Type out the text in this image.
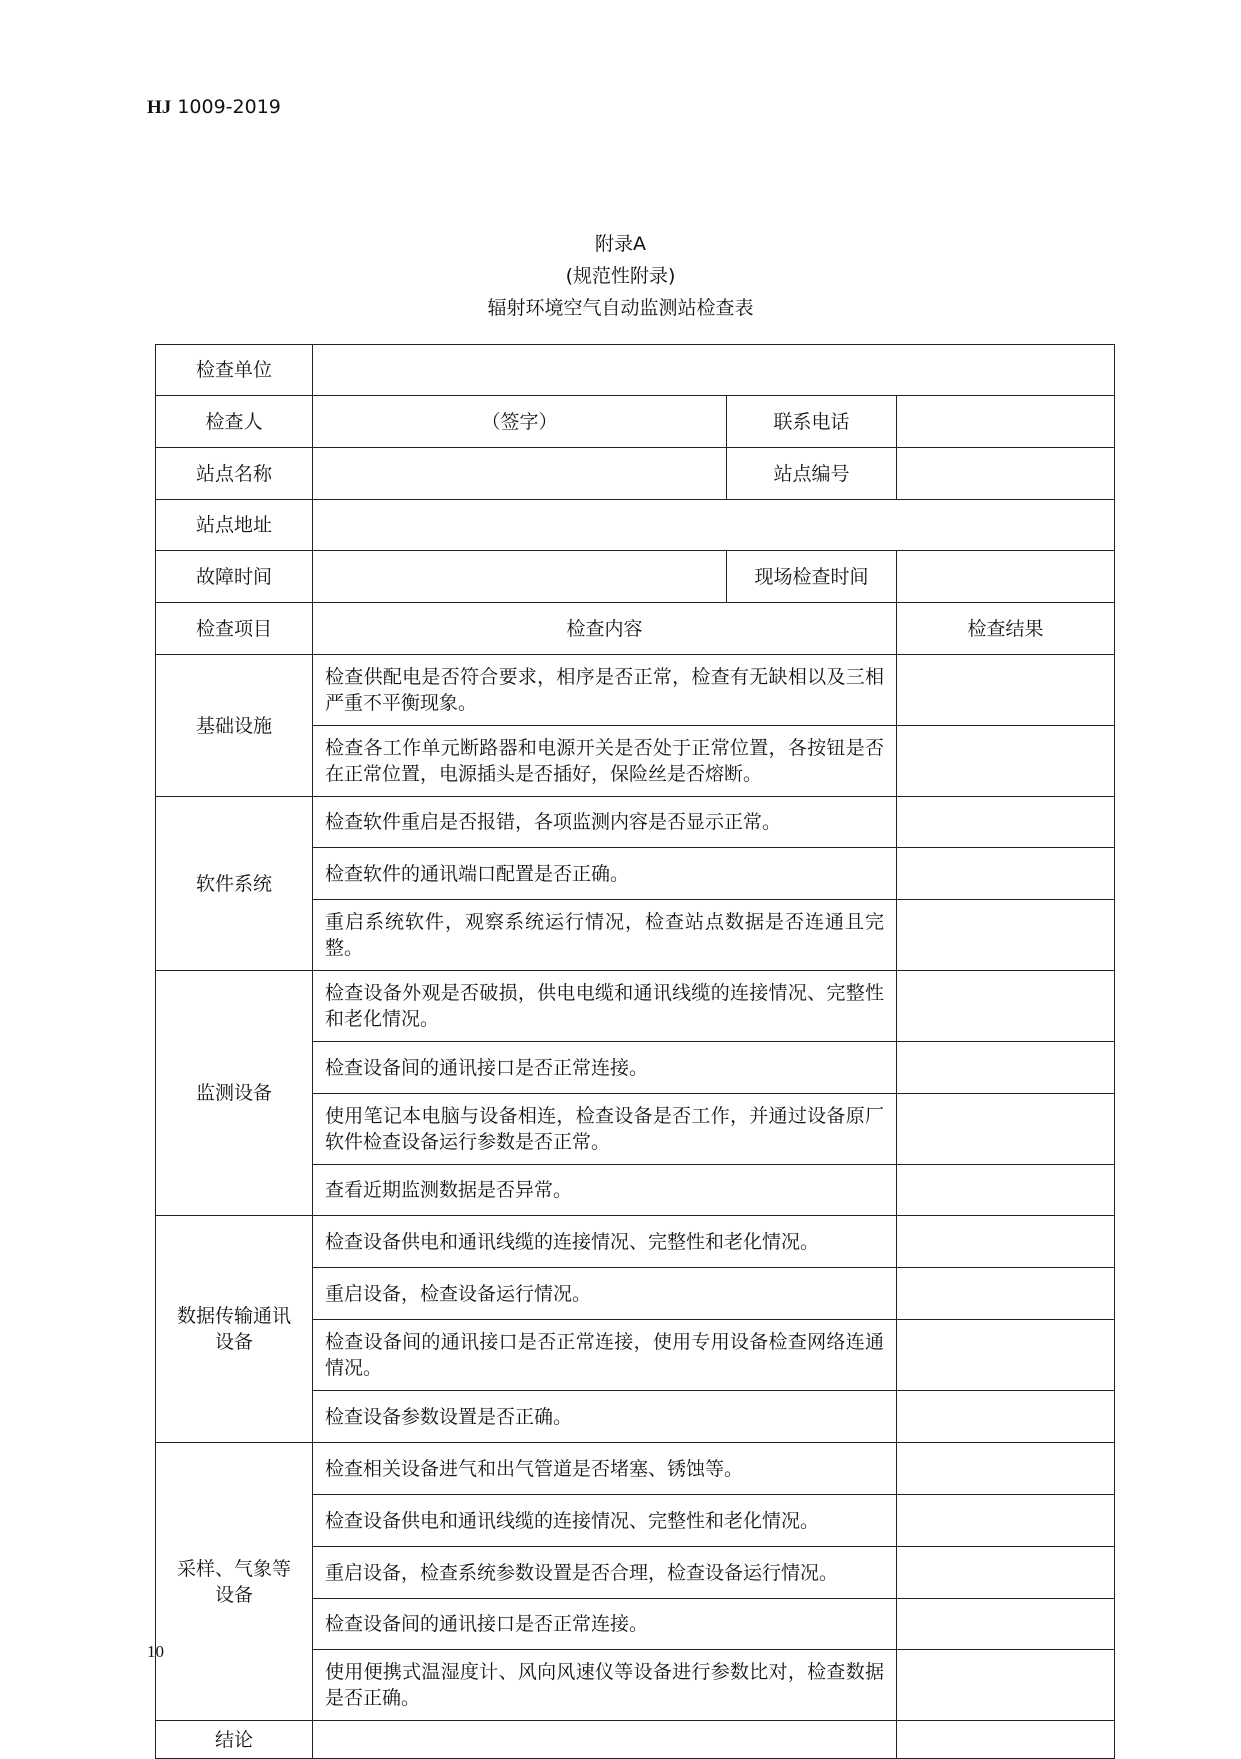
HJ 1009-2019
附录A
(规范性附录)
辐射环境空气自动监测站检查表
检查单位			
检查人	（签字）	联系电话	
站点名称		站点编号	
站点地址			
故障时间		现场检查时间	
检查项目	检查内容		检查结果
基础设施	检查供配电是否符合要求，相序是否正常，检查有无缺相以及三相严重不平衡现象。		
	检查各工作单元断路器和电源开关是否处于正常位置，各按钮是否在正常位置，电源插头是否插好，保险丝是否熔断。		
软件系统	检查软件重启是否报错，各项监测内容是否显示正常。		
	检查软件的通讯端口配置是否正确。		
	重启系统软件，观察系统运行情况，检查站点数据是否连通且完整。		
监测设备	检查设备外观是否破损，供电电缆和通讯线缆的连接情况、完整性和老化情况。		
	检查设备间的通讯接口是否正常连接。		
	使用笔记本电脑与设备相连，检查设备是否工作，并通过设备原厂软件检查设备运行参数是否正常。		
	查看近期监测数据是否异常。		
数据传输通讯设备	检查设备供电和通讯线缆的连接情况、完整性和老化情况。		
	重启设备，检查设备运行情况。		
	检查设备间的通讯接口是否正常连接，使用专用设备检查网络连通情况。		
	检查设备参数设置是否正确。		
采样、气象等设备	检查相关设备进气和出气管道是否堵塞、锈蚀等。		
	检查设备供电和通讯线缆的连接情况、完整性和老化情况。		
	重启设备，检查系统参数设置是否合理，检查设备运行情况。		
	检查设备间的通讯接口是否正常连接。		
	使用便携式温湿度计、风向风速仪等设备进行参数比对，检查数据是否正确。		
结论			
10
